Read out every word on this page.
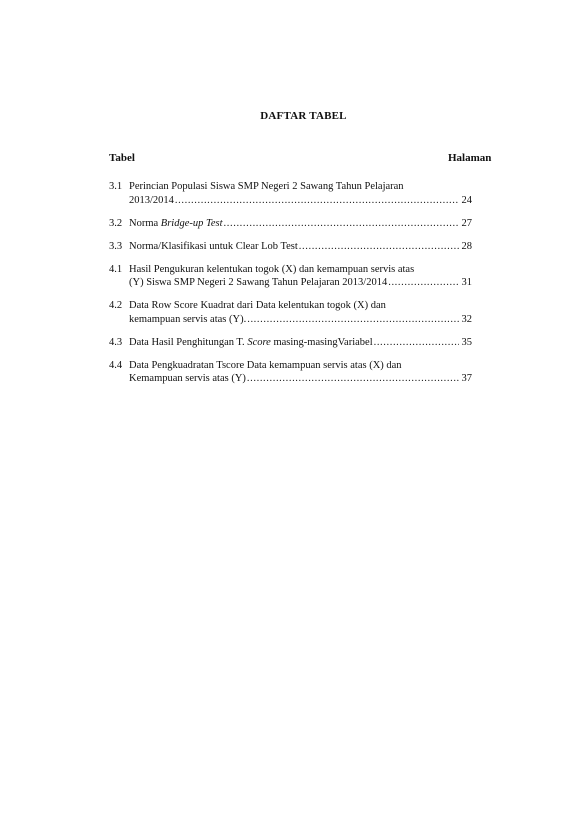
DAFTAR TABEL
Tabel	Halaman
3.1 Perincian Populasi Siswa SMP Negeri 2 Sawang Tahun Pelajaran
2013/2014 .....	24
3.2 Norma Bridge-up Test .....	27
3.3 Norma/Klasifikasi untuk Clear Lob Test .....	28
4.1 Hasil Pengukuran kelentukan togok (X) dan kemampuan servis atas
(Y) Siswa SMP Negeri 2 Sawang Tahun Pelajaran 2013/2014 .....	31
4.2 Data Row Score Kuadrat dari Data kelentukan togok (X) dan
kemampuan servis atas (Y). .....	32
4.3 Data Hasil Penghitungan T. Score masing-masingVariabel .....	35
4.4 Data Pengkuadratan Tscore Data kemampuan servis atas (X) dan
Kemampuan servis atas (Y) .....	37
